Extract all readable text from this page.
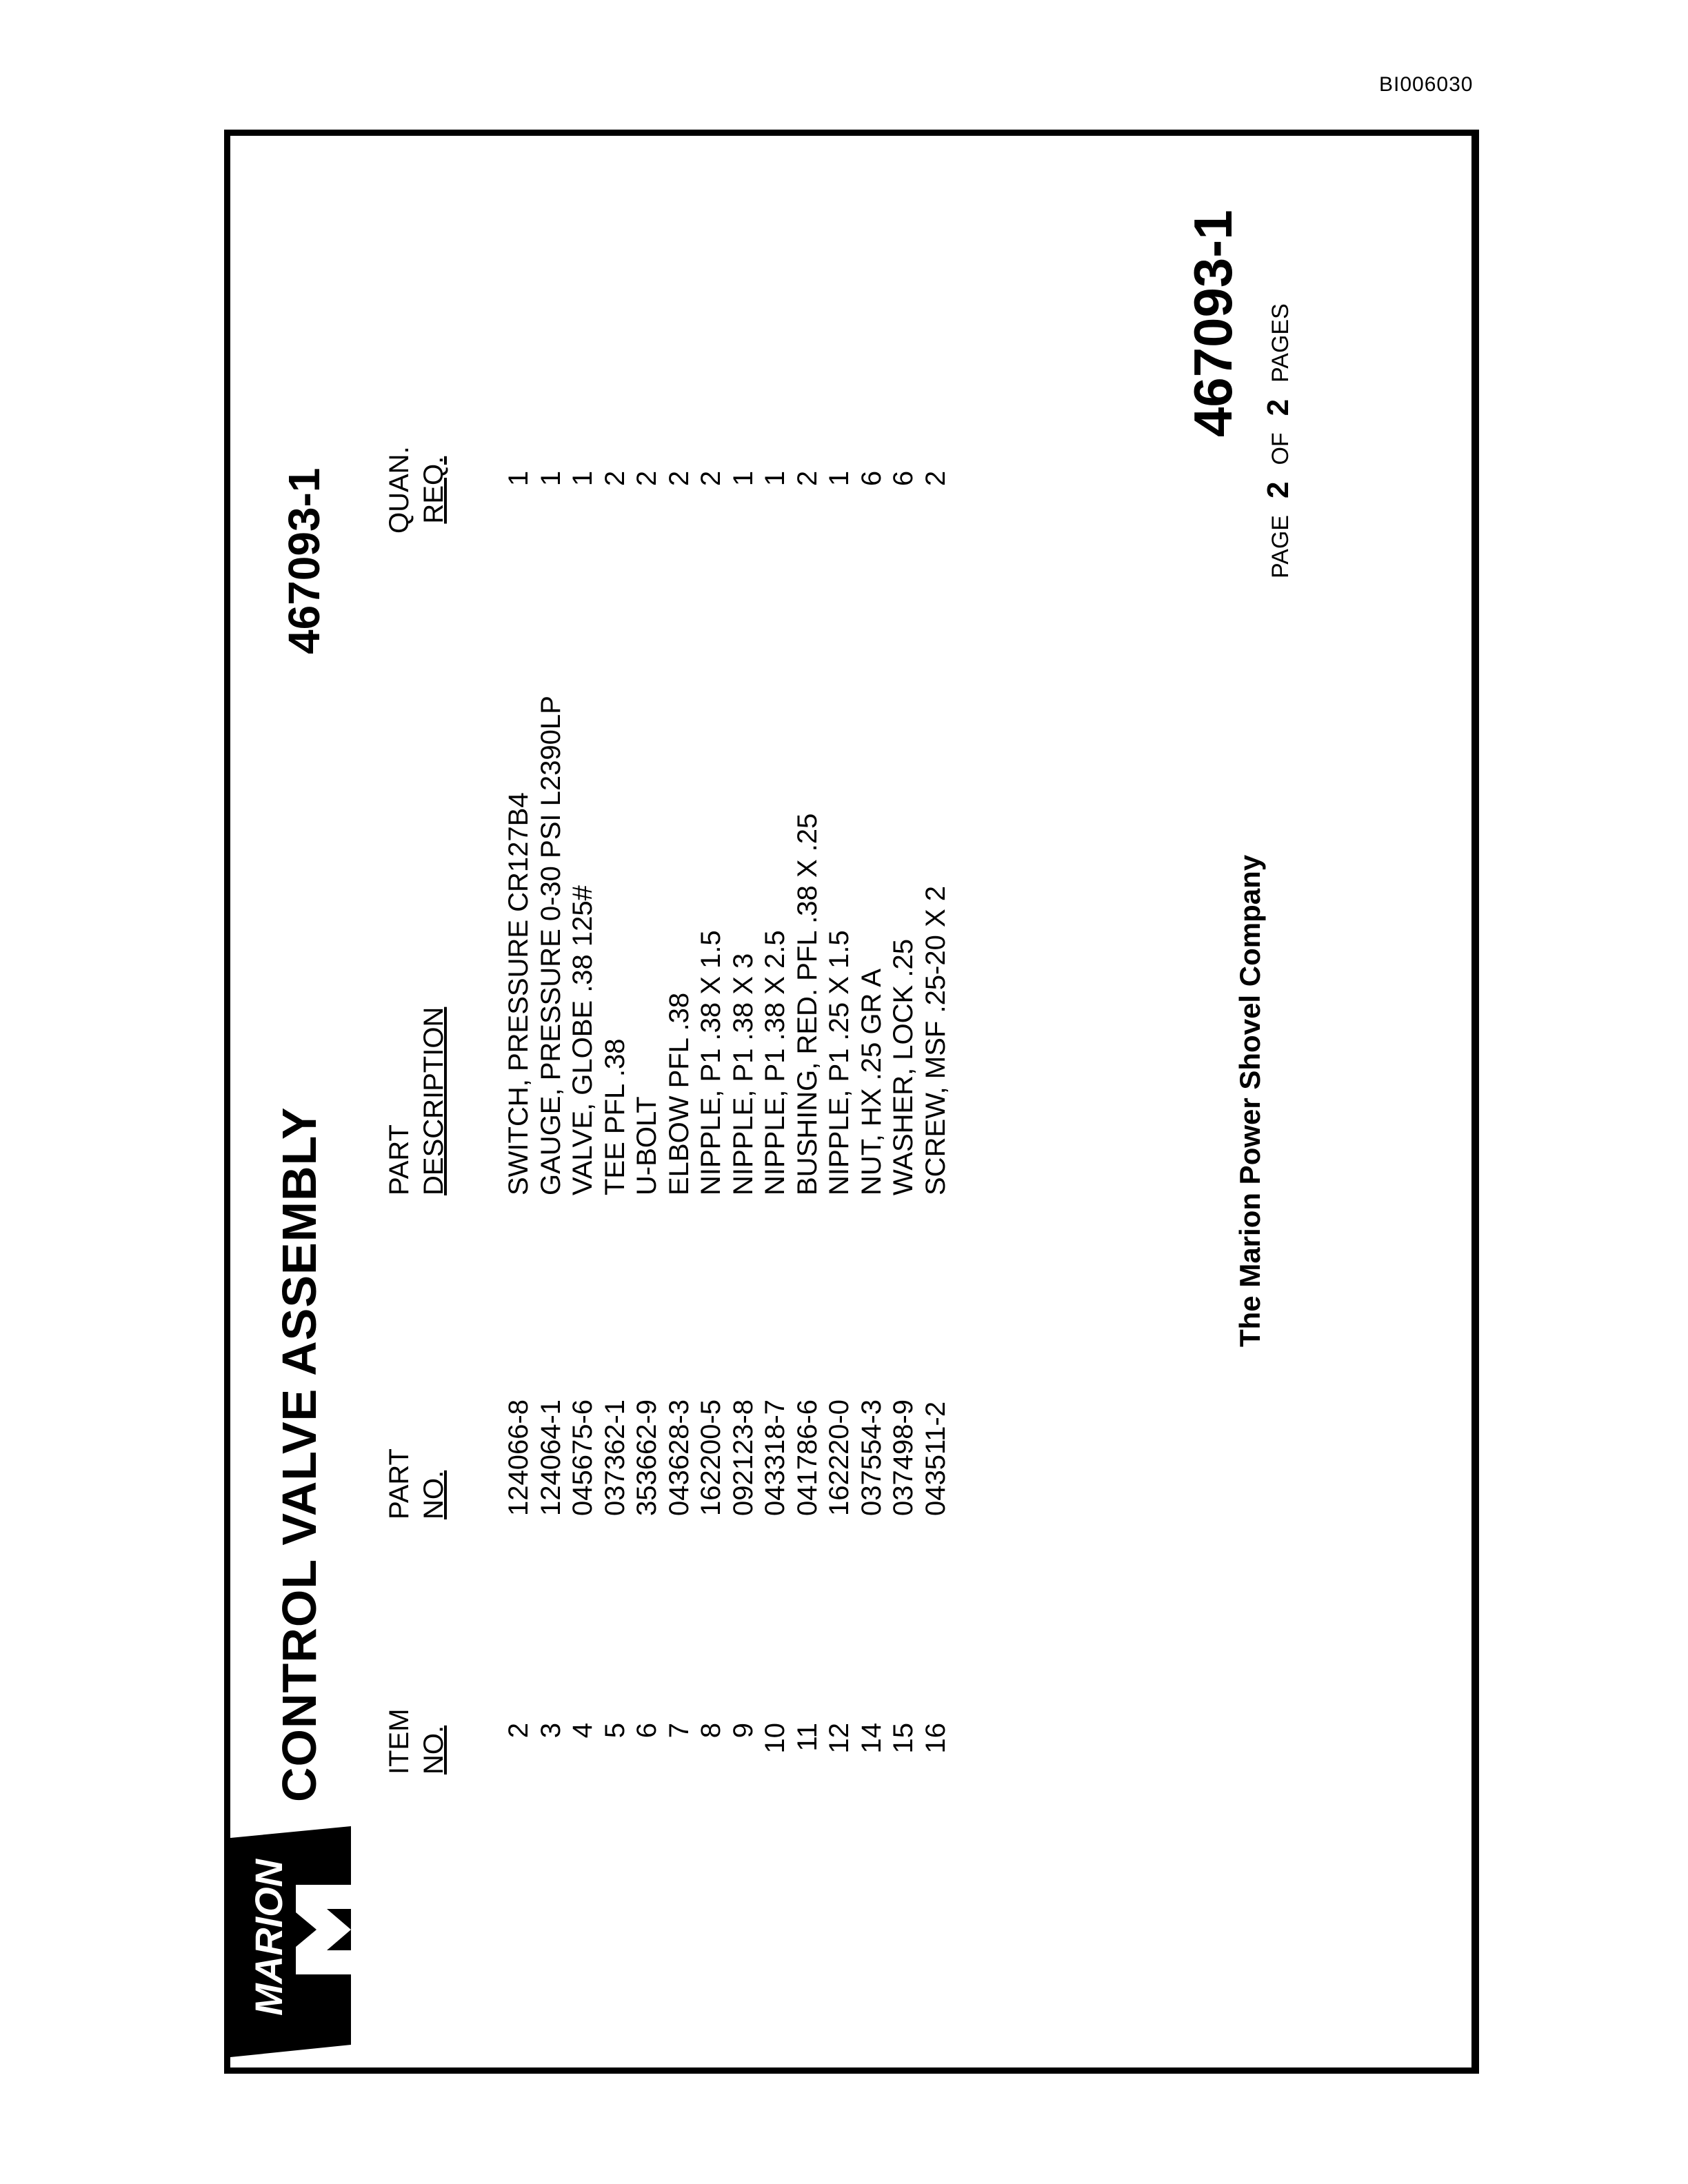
BI006030
MARION
CONTROL VALVE ASSEMBLY
467093-1
ITEM NO.
PART NO.
PART DESCRIPTION
QUAN. REQ.
2
124066-8
SWITCH, PRESSURE CR127B4
1
3
124064-1
GAUGE, PRESSURE 0-30 PSI L2390LP
1
4
045675-6
VALVE, GLOBE .38 125#
1
5
037362-1
TEE PFL .38
2
6
353662-9
U-BOLT
2
7
043628-3
ELBOW PFL .38
2
8
162200-5
NIPPLE, P1 .38 X 1.5
2
9
092123-8
NIPPLE, P1 .38 X 3
1
10
043318-7
NIPPLE, P1 .38 X 2.5
1
11
041786-6
BUSHING, RED. PFL .38 X .25
2
12
162220-0
NIPPLE, P1 .25 X 1.5
1
14
037554-3
NUT, HX .25 GR A
6
15
037498-9
WASHER, LOCK .25
6
16
043511-2
SCREW, MSF .25-20 X 2
2
The Marion Power Shovel Company
467093-1
PAGE2OF2PAGES
